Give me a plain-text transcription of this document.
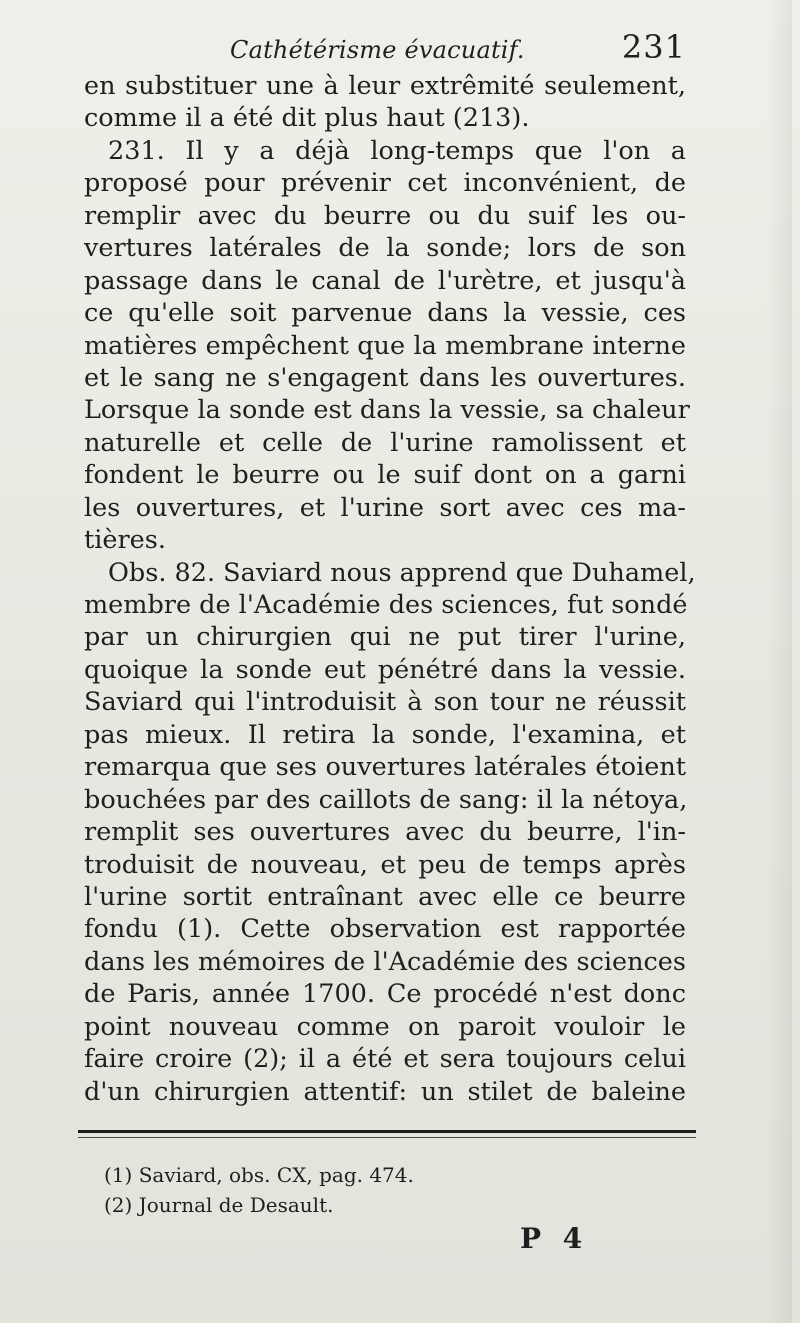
Cathétérisme évacuatif.	231
en substituer une à leur extrêmité seulement,
comme il a été dit plus haut (213).
231. Il y a déjà long-temps que l'on a
proposé pour prévenir cet inconvénient, de
remplir avec du beurre ou du suif les ou-
vertures latérales de la sonde; lors de son
passage dans le canal de l'urètre, et jusqu'à
ce qu'elle soit parvenue dans la vessie, ces
matières empêchent que la membrane interne
et le sang ne s'engagent dans les ouvertures.
Lorsque la sonde est dans la vessie, sa chaleur
naturelle et celle de l'urine ramolissent et
fondent le beurre ou le suif dont on a garni
les ouvertures, et l'urine sort avec ces ma-
tières.
Obs. 82. Saviard nous apprend que Duhamel,
membre de l'Académie des sciences, fut sondé
par un chirurgien qui ne put tirer l'urine,
quoique la sonde eut pénétré dans la vessie.
Saviard qui l'introduisit à son tour ne réussit
pas mieux. Il retira la sonde, l'examina, et
remarqua que ses ouvertures latérales étoient
bouchées par des caillots de sang: il la nétoya,
remplit ses ouvertures avec du beurre, l'in-
troduisit de nouveau, et peu de temps après
l'urine sortit entraînant avec elle ce beurre
fondu (1). Cette observation est rapportée
dans les mémoires de l'Académie des sciences
de Paris, année 1700. Ce procédé n'est donc
point nouveau comme on paroit vouloir le
faire croire (2); il a été et sera toujours celui
d'un chirurgien attentif: un stilet de baleine
(1) Saviard, obs. CX, pag. 474.
(2) Journal de Desault.
P 4
